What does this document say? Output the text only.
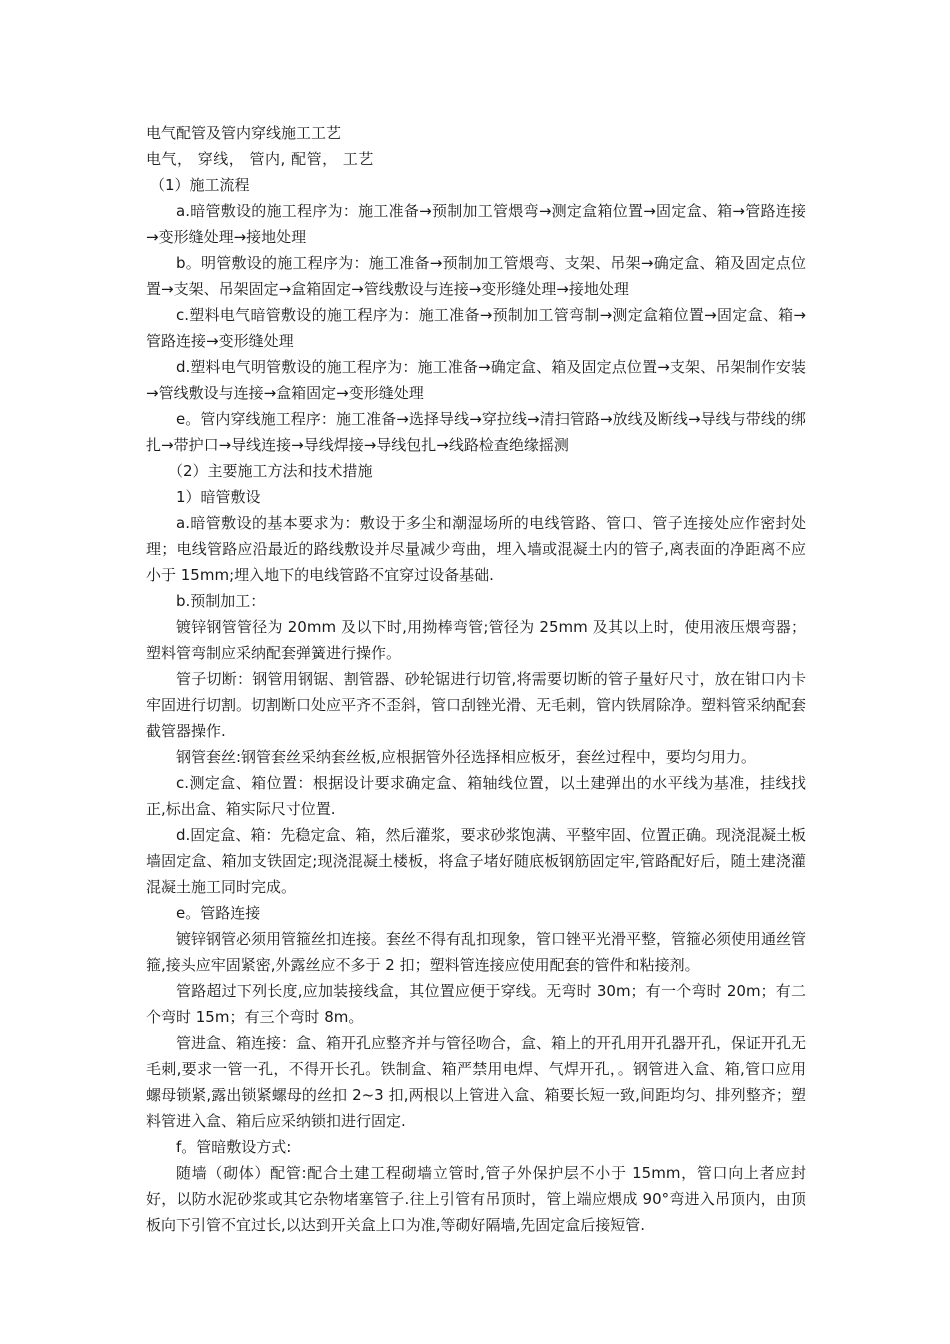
电气配管及管内穿线施工工艺

电气， 穿线， 管内, 配管， 工艺

（1）施工流程

a.暗管敷设的施工程序为：施工准备→预制加工管煨弯→测定盒箱位置→固定盒、箱→管路连接→变形缝处理→接地处理

b。明管敷设的施工程序为：施工准备→预制加工管煨弯、支架、吊架→确定盒、箱及固定点位置→支架、吊架固定→盒箱固定→管线敷设与连接→变形缝处理→接地处理

c.塑料电气暗管敷设的施工程序为：施工准备→预制加工管弯制→测定盒箱位置→固定盒、箱→管路连接→变形缝处理

d.塑料电气明管敷设的施工程序为：施工准备→确定盒、箱及固定点位置→支架、吊架制作安装→管线敷设与连接→盒箱固定→变形缝处理

e。管内穿线施工程序：施工准备→选择导线→穿拉线→清扫管路→放线及断线→导线与带线的绑扎→带护口→导线连接→导线焊接→导线包扎→线路检查绝缘摇测

（2）主要施工方法和技术措施

1）暗管敷设

a.暗管敷设的基本要求为：敷设于多尘和潮湿场所的电线管路、管口、管子连接处应作密封处理；电线管路应沿最近的路线敷设并尽量减少弯曲，埋入墙或混凝土内的管子,离表面的净距离不应小于 15mm;埋入地下的电线管路不宜穿过设备基础.

b.预制加工：

镀锌钢管管径为 20mm 及以下时,用拗棒弯管;管径为 25mm 及其以上时，使用液压煨弯器；塑料管弯制应采纳配套弹簧进行操作。

管子切断：钢管用钢锯、割管器、砂轮锯进行切管,将需要切断的管子量好尺寸，放在钳口内卡牢固进行切割。切割断口处应平齐不歪斜，管口刮锉光滑、无毛刺，管内铁屑除净。塑料管采纳配套截管器操作.

钢管套丝:钢管套丝采纳套丝板,应根据管外径选择相应板牙，套丝过程中，要均匀用力。

c.测定盒、箱位置：根据设计要求确定盒、箱轴线位置，以土建弹出的水平线为基准，挂线找正,标出盒、箱实际尺寸位置.

d.固定盒、箱：先稳定盒、箱，然后灌浆，要求砂浆饱满、平整牢固、位置正确。现浇混凝土板墙固定盒、箱加支铁固定;现浇混凝土楼板，将盒子堵好随底板钢筋固定牢,管路配好后，随土建浇灌混凝土施工同时完成。

e。管路连接

镀锌钢管必须用管箍丝扣连接。套丝不得有乱扣现象，管口锉平光滑平整，管箍必须使用通丝管箍,接头应牢固紧密,外露丝应不多于 2 扣；塑料管连接应使用配套的管件和粘接剂。

管路超过下列长度,应加装接线盒，其位置应便于穿线。无弯时 30m；有一个弯时 20m；有二个弯时 15m；有三个弯时 8m。

管进盒、箱连接：盒、箱开孔应整齐并与管径吻合，盒、箱上的开孔用开孔器开孔，保证开孔无毛刺,要求一管一孔，不得开长孔。铁制盒、箱严禁用电焊、气焊开孔，。钢管进入盒、箱,管口应用螺母锁紧,露出锁紧螺母的丝扣 2~3 扣,两根以上管进入盒、箱要长短一致,间距均匀、排列整齐；塑料管进入盒、箱后应采纳锁扣进行固定.

f。管暗敷设方式:

随墙（砌体）配管:配合土建工程砌墙立管时,管子外保护层不小于 15mm，管口向上者应封好，以防水泥砂浆或其它杂物堵塞管子.往上引管有吊顶时，管上端应煨成 90°弯进入吊顶内，由顶板向下引管不宜过长,以达到开关盒上口为准,等砌好隔墙,先固定盒后接短管.
